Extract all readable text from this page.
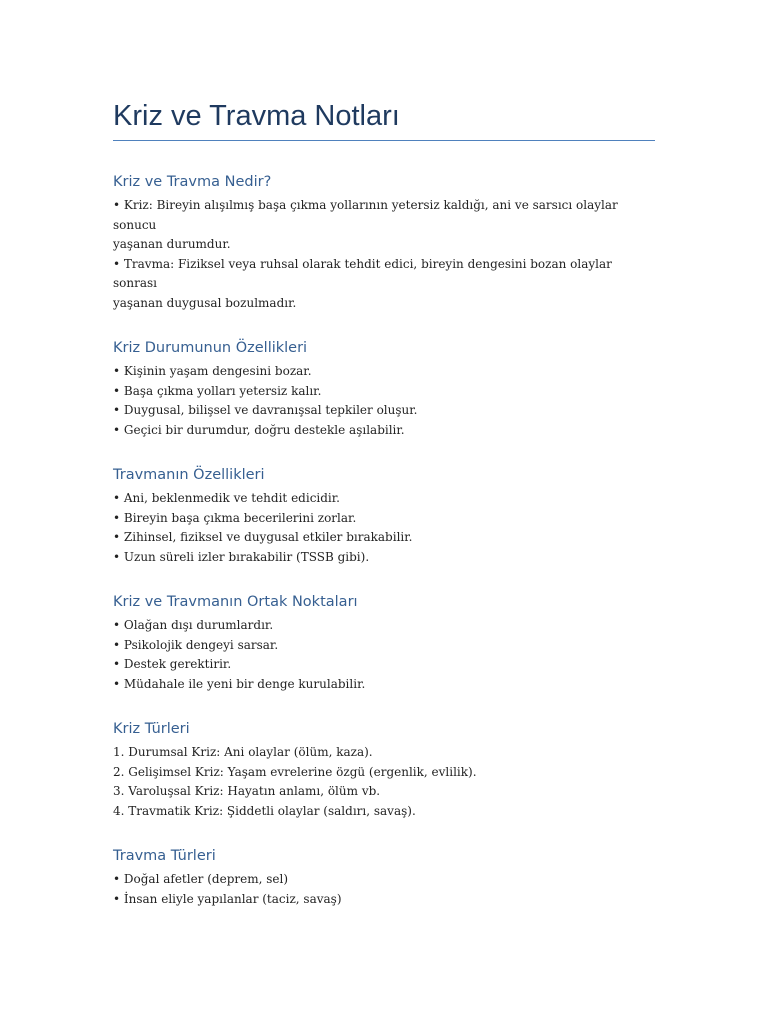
Kriz ve Travma Notları
Kriz ve Travma Nedir?
• Kriz: Bireyin alışılmış başa çıkma yollarının yetersiz kaldığı, ani ve sarsıcı olaylar sonucu
yaşanan durumdur.
• Travma: Fiziksel veya ruhsal olarak tehdit edici, bireyin dengesini bozan olaylar sonrası
yaşanan duygusal bozulmadır.
Kriz Durumunun Özellikleri
• Kişinin yaşam dengesini bozar.
• Başa çıkma yolları yetersiz kalır.
• Duygusal, bilişsel ve davranışsal tepkiler oluşur.
• Geçici bir durumdur, doğru destekle aşılabilir.
Travmanın Özellikleri
• Ani, beklenmedik ve tehdit edicidir.
• Bireyin başa çıkma becerilerini zorlar.
• Zihinsel, fiziksel ve duygusal etkiler bırakabilir.
• Uzun süreli izler bırakabilir (TSSB gibi).
Kriz ve Travmanın Ortak Noktaları
• Olağan dışı durumlardır.
• Psikolojik dengeyi sarsar.
• Destek gerektirir.
• Müdahale ile yeni bir denge kurulabilir.
Kriz Türleri
1. Durumsal Kriz: Ani olaylar (ölüm, kaza).
2. Gelişimsel Kriz: Yaşam evrelerine özgü (ergenlik, evlilik).
3. Varoluşsal Kriz: Hayatın anlamı, ölüm vb.
4. Travmatik Kriz: Şiddetli olaylar (saldırı, savaş).
Travma Türleri
• Doğal afetler (deprem, sel)
• İnsan eliyle yapılanlar (taciz, savaş)
